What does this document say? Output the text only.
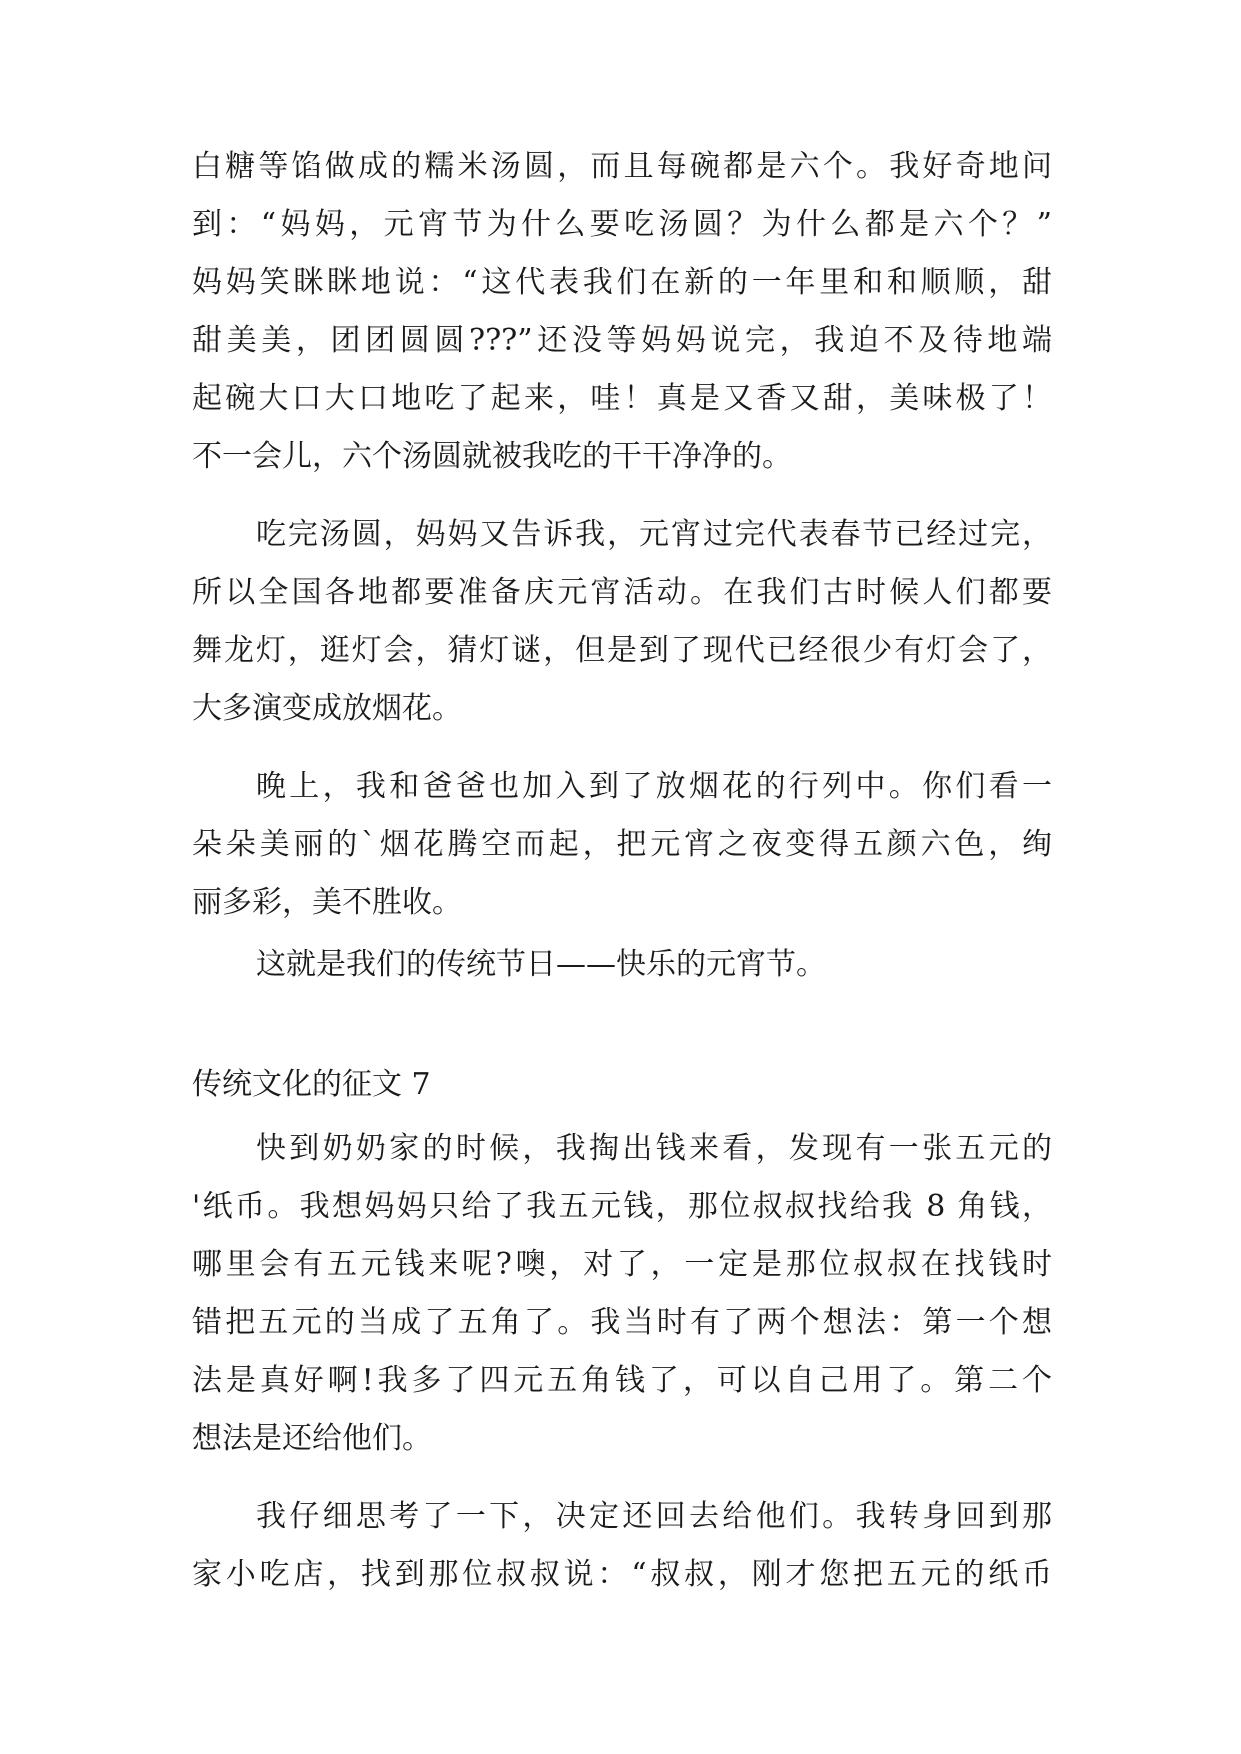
白糖等馅做成的糯米汤圆，而且每碗都是六个。我好奇地问
到：“妈妈，元宵节为什么要吃汤圆？为什么都是六个？”
妈妈笑眯眯地说：“这代表我们在新的一年里和和顺顺，甜
甜美美，团团圆圆???”还没等妈妈说完，我迫不及待地端
起碗大口大口地吃了起来，哇！真是又香又甜，美味极了！
不一会儿，六个汤圆就被我吃的干干净净的。
吃完汤圆，妈妈又告诉我，元宵过完代表春节已经过完，
所以全国各地都要准备庆元宵活动。在我们古时候人们都要
舞龙灯，逛灯会，猜灯谜，但是到了现代已经很少有灯会了，
大多演变成放烟花。
晚上，我和爸爸也加入到了放烟花的行列中。你们看一
朵朵美丽的`烟花腾空而起，把元宵之夜变得五颜六色，绚
丽多彩，美不胜收。
这就是我们的传统节日——快乐的元宵节。
传统文化的征文 7
快到奶奶家的时候，我掏出钱来看，发现有一张五元的
'纸币。我想妈妈只给了我五元钱，那位叔叔找给我 8 角钱，
哪里会有五元钱来呢?噢，对了，一定是那位叔叔在找钱时
错把五元的当成了五角了。我当时有了两个想法：第一个想
法是真好啊!我多了四元五角钱了，可以自己用了。第二个
想法是还给他们。
我仔细思考了一下，决定还回去给他们。我转身回到那
家小吃店，找到那位叔叔说：“叔叔，刚才您把五元的纸币
